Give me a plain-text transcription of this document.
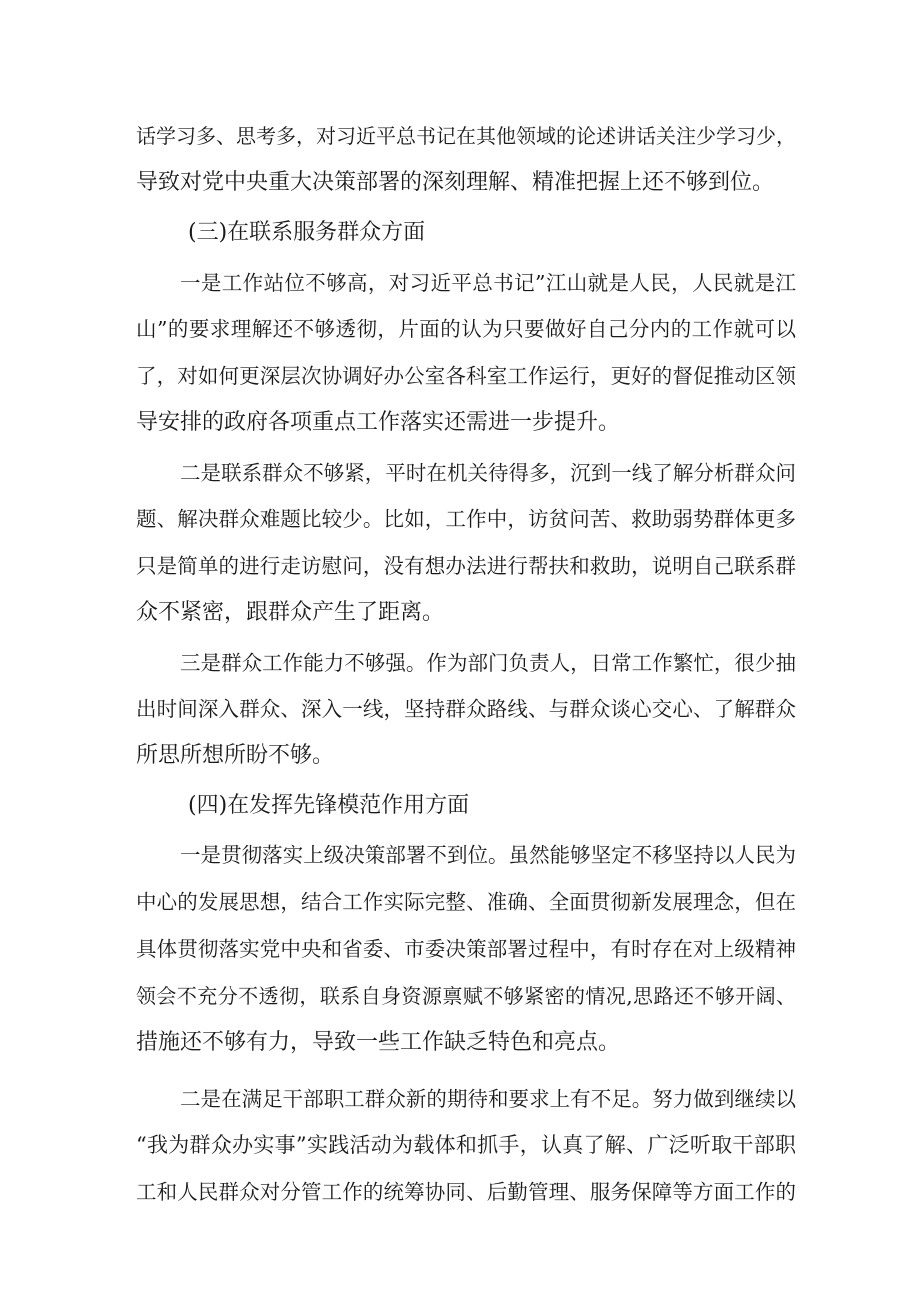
话学习多、思考多，对习近平总书记在其他领域的论述讲话关注少学习少，
导致对党中央重大决策部署的深刻理解、精准把握上还不够到位。
(三)在联系服务群众方面
一是工作站位不够高，对习近平总书记”江山就是人民，人民就是江
山”的要求理解还不够透彻，片面的认为只要做好自己分内的工作就可以
了，对如何更深层次协调好办公室各科室工作运行，更好的督促推动区领
导安排的政府各项重点工作落实还需进一步提升。
二是联系群众不够紧，平时在机关待得多，沉到一线了解分析群众问
题、解决群众难题比较少。比如，工作中，访贫问苦、救助弱势群体更多
只是简单的进行走访慰问，没有想办法进行帮扶和救助，说明自己联系群
众不紧密，跟群众产生了距离。
三是群众工作能力不够强。作为部门负责人，日常工作繁忙，很少抽
出时间深入群众、深入一线，坚持群众路线、与群众谈心交心、了解群众
所思所想所盼不够。
(四)在发挥先锋模范作用方面
一是贯彻落实上级决策部署不到位。虽然能够坚定不移坚持以人民为
中心的发展思想，结合工作实际完整、准确、全面贯彻新发展理念，但在
具体贯彻落实党中央和省委、市委决策部署过程中，有时存在对上级精神
领会不充分不透彻，联系自身资源禀赋不够紧密的情况,思路还不够开阔、
措施还不够有力，导致一些工作缺乏特色和亮点。
二是在满足干部职工群众新的期待和要求上有不足。努力做到继续以
“我为群众办实事”实践活动为载体和抓手，认真了解、广泛听取干部职
工和人民群众对分管工作的统筹协同、后勤管理、服务保障等方面工作的
